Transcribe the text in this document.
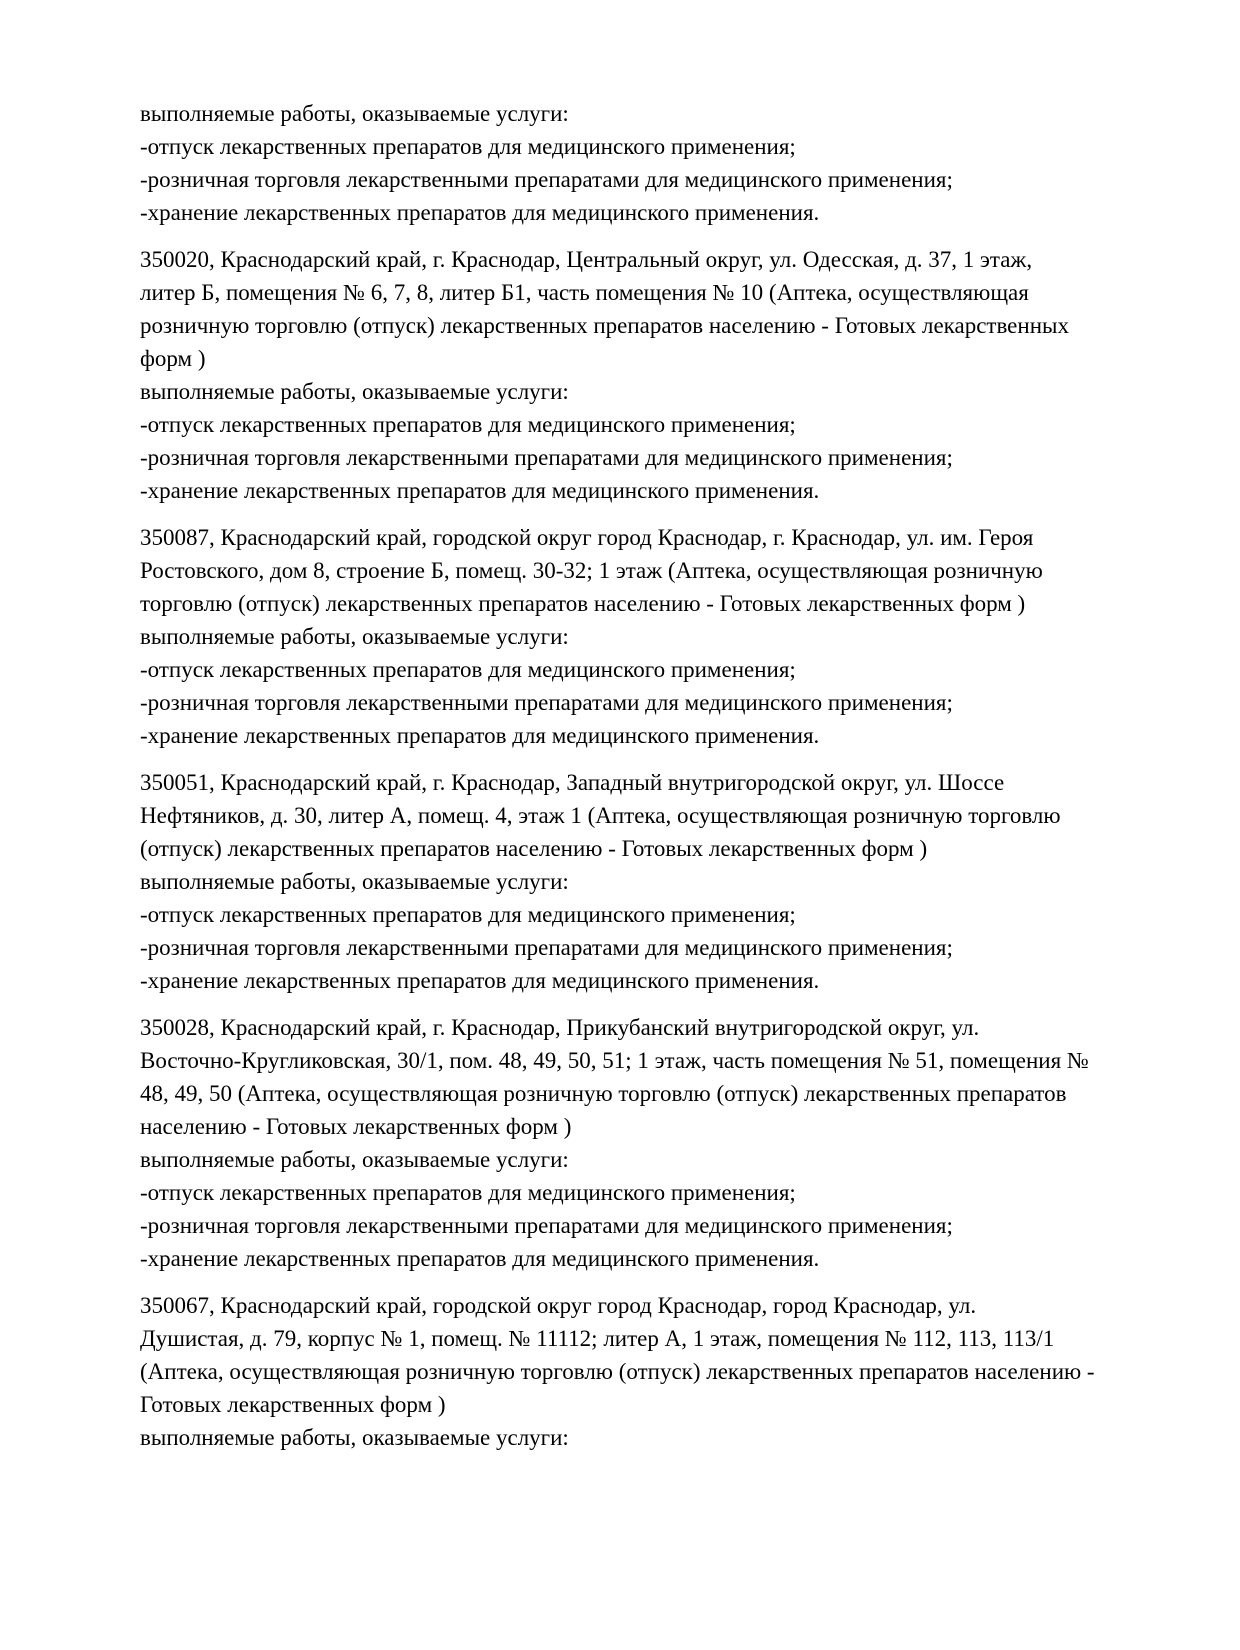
выполняемые работы, оказываемые услуги:
-отпуск лекарственных препаратов для медицинского применения;
-розничная торговля лекарственными препаратами для медицинского применения;
-хранение лекарственных препаратов для медицинского применения.
350020, Краснодарский край, г. Краснодар, Центральный округ, ул. Одесская, д. 37, 1 этаж,
литер Б, помещения № 6, 7, 8, литер Б1, часть помещения № 10 (Аптека, осуществляющая
розничную торговлю (отпуск) лекарственных препаратов населению - Готовых лекарственных
форм )
выполняемые работы, оказываемые услуги:
-отпуск лекарственных препаратов для медицинского применения;
-розничная торговля лекарственными препаратами для медицинского применения;
-хранение лекарственных препаратов для медицинского применения.
350087, Краснодарский край, городской округ город Краснодар, г. Краснодар, ул. им. Героя
Ростовского, дом 8, строение Б, помещ. 30-32; 1 этаж (Аптека, осуществляющая розничную
торговлю (отпуск) лекарственных препаратов населению - Готовых лекарственных форм )
выполняемые работы, оказываемые услуги:
-отпуск лекарственных препаратов для медицинского применения;
-розничная торговля лекарственными препаратами для медицинского применения;
-хранение лекарственных препаратов для медицинского применения.
350051, Краснодарский край, г. Краснодар, Западный внутригородской округ, ул. Шоссе
Нефтяников, д. 30, литер А, помещ. 4, этаж 1 (Аптека, осуществляющая розничную торговлю
(отпуск) лекарственных препаратов населению - Готовых лекарственных форм )
выполняемые работы, оказываемые услуги:
-отпуск лекарственных препаратов для медицинского применения;
-розничная торговля лекарственными препаратами для медицинского применения;
-хранение лекарственных препаратов для медицинского применения.
350028, Краснодарский край, г. Краснодар, Прикубанский внутригородской округ, ул.
Восточно-Кругликовская, 30/1, пом. 48, 49, 50, 51; 1 этаж, часть помещения № 51, помещения №
48, 49, 50 (Аптека, осуществляющая розничную торговлю (отпуск) лекарственных препаратов
населению - Готовых лекарственных форм )
выполняемые работы, оказываемые услуги:
-отпуск лекарственных препаратов для медицинского применения;
-розничная торговля лекарственными препаратами для медицинского применения;
-хранение лекарственных препаратов для медицинского применения.
350067, Краснодарский край, городской округ город Краснодар, город Краснодар, ул.
Душистая, д. 79, корпус № 1, помещ. № 11112; литер А, 1 этаж, помещения № 112, 113, 113/1
(Аптека, осуществляющая розничную торговлю (отпуск) лекарственных препаратов населению -
Готовых лекарственных форм )
выполняемые работы, оказываемые услуги:
